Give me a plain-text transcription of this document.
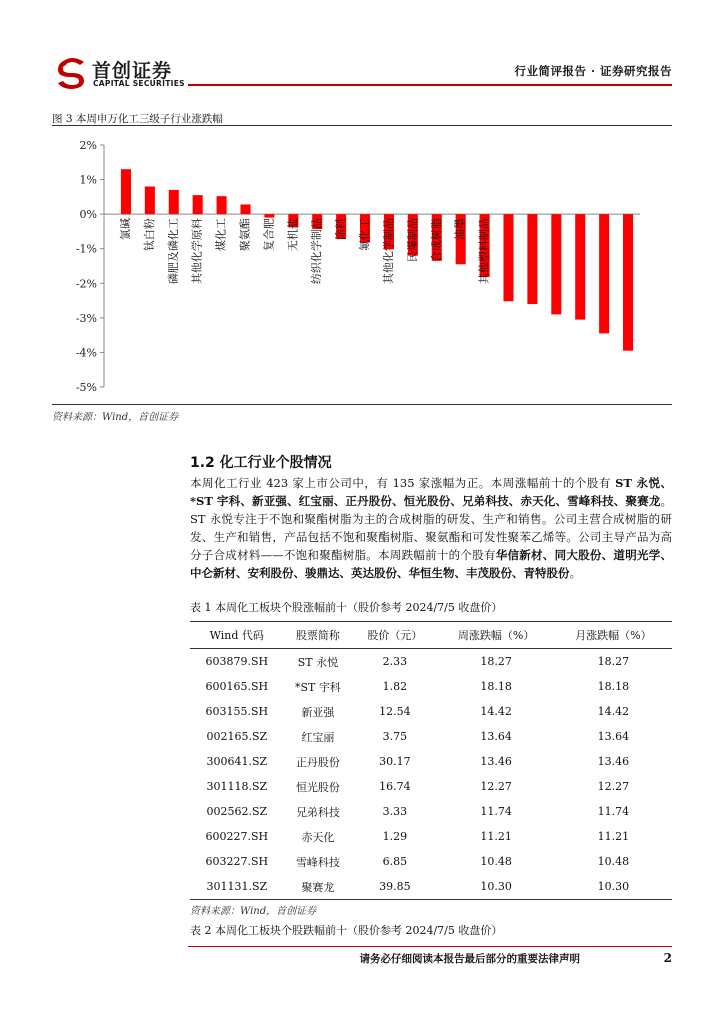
首创证券
CAPITAL SECURITIES
行业简评报告 · 证券研究报告
图 3 本周申万化工三级子行业涨跌幅
2%
1%
0%
-1%
-2%
-3%
-4%
-5%
氯碱 钛白粉 磷肥及磷化工 其他化学原料 煤化工 聚氨酯 复合肥 无机盐 纺织化学制品 涂料 氟化工 其他化学制品 民爆制品 合成树脂 油墨 其他塑料制品
资料来源：Wind，首创证券
1.2 化工行业个股情况
本周化工行业 423 家上市公司中，有 135 家涨幅为正。本周涨幅前十的个股有 ST 永悦、*ST 宇科、新亚强、红宝丽、正丹股份、恒光股份、兄弟科技、赤天化、雪峰科技、聚赛龙。ST 永悦专注于不饱和聚酯树脂为主的合成树脂的研发、生产和销售。公司主营合成树脂的研发、生产和销售，产品包括不饱和聚酯树脂、聚氨酯和可发性聚苯乙烯等。公司主导产品为高分子合成材料——不饱和聚酯树脂。本周跌幅前十的个股有华信新材、同大股份、道明光学、中仑新材、安利股份、骏鼎达、英达股份、华恒生物、丰茂股份、青特股份。
表 1 本周化工板块个股涨幅前十（股价参考 2024/7/5 收盘价）
Wind 代码	股票简称	股价（元）	周涨跌幅（%）	月涨跌幅（%）
603879.SH	ST 永悦	2.33	18.27	18.27
600165.SH	*ST 宇科	1.82	18.18	18.18
603155.SH	新亚强	12.54	14.42	14.42
002165.SZ	红宝丽	3.75	13.64	13.64
300641.SZ	正丹股份	30.17	13.46	13.46
301118.SZ	恒光股份	16.74	12.27	12.27
002562.SZ	兄弟科技	3.33	11.74	11.74
600227.SH	赤天化	1.29	11.21	11.21
603227.SH	雪峰科技	6.85	10.48	10.48
301131.SZ	聚赛龙	39.85	10.30	10.30
资料来源：Wind，首创证券
表 2 本周化工板块个股跌幅前十（股价参考 2024/7/5 收盘价）
请务必仔细阅读本报告最后部分的重要法律声明	2
